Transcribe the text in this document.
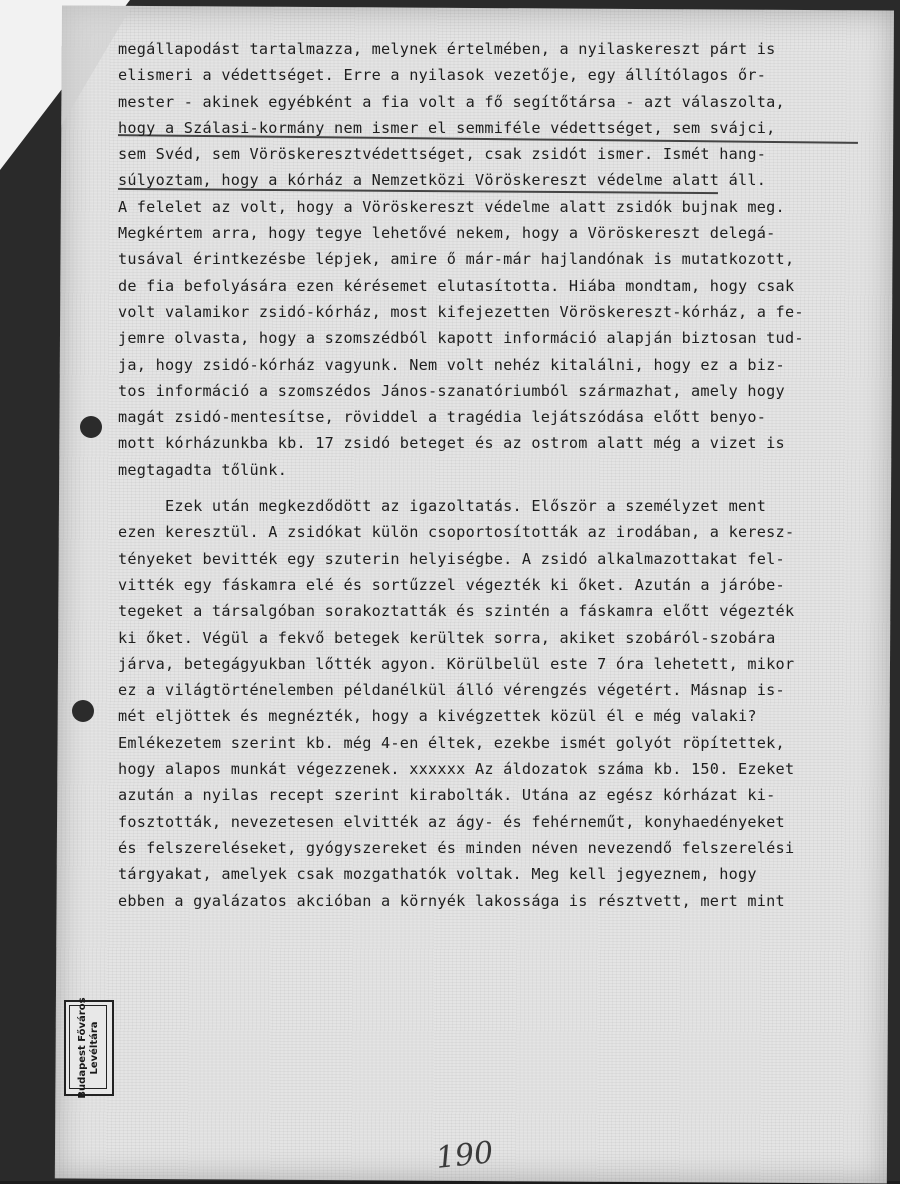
megállapodást tartalmazza, melynek értelmében, a nyilaskereszt párt is
elismeri a védettséget. Erre a nyilasok vezetője, egy állítólagos őr-
mester - akinek egyébként a fia volt a fő segítőtársa - azt válaszolta,
hogy a Szálasi-kormány nem ismer el semmiféle védettséget, sem svájci,
sem Svéd, sem Vöröskeresztvédettséget, csak zsidót ismer. Ismét hang-
súlyoztam, hogy a kórház a Nemzetközi Vöröskereszt védelme alatt áll.
A felelet az volt, hogy a Vöröskereszt védelme alatt zsidók bujnak meg.
Megkértem arra, hogy tegye lehetővé nekem, hogy a Vöröskereszt delegá-
tusával érintkezésbe lépjek, amire ő már-már hajlandónak is mutatkozott,
de fia befolyására ezen kérésemet elutasította. Hiába mondtam, hogy csak
volt valamikor zsidó-kórház, most kifejezetten Vöröskereszt-kórház, a fe-
jemre olvasta, hogy a szomszédból kapott információ alapján biztosan tud-
ja, hogy zsidó-kórház vagyunk. Nem volt nehéz kitalálni, hogy ez a biz-
tos információ a szomszédos János-szanatóriumból származhat, amely hogy
magát zsidó-mentesítse, röviddel a tragédia lejátszódása előtt benyo-
mott kórházunkba kb. 17 zsidó beteget és az ostrom alatt még a vizet is
megtagadta tőlünk.
Ezek után megkezdődött az igazoltatás. Először a személyzet ment
ezen keresztül. A zsidókat külön csoportosították az irodában, a keresz-
tényeket bevitték egy szuterin helyiségbe. A zsidó alkalmazottakat fel-
vitték egy fáskamra elé és sortűzzel végezték ki őket. Azután a járóbe-
tegeket a társalgóban sorakoztatták és szintén a fáskamra előtt végezték
ki őket. Végül a fekvő betegek kerültek sorra, akiket szobáról-szobára
járva, betegágyukban lőtték agyon. Körülbelül este 7 óra lehetett, mikor
ez a világtörténelemben példanélkül álló vérengzés végetért. Másnap is-
mét eljöttek és megnézték, hogy a kivégzettek közül él e még valaki?
Emlékezetem szerint kb. még 4-en éltek, ezekbe ismét golyót röpítettek,
hogy alapos munkát végezzenek. xxxxxx Az áldozatok száma kb. 150. Ezeket
azután a nyilas recept szerint kirabolták. Utána az egész kórházat ki-
fosztották, nevezetesen elvitték az ágy- és fehérneműt, konyhaedényeket
és felszereléseket, gyógyszereket és minden néven nevezendő felszerelési
tárgyakat, amelyek csak mozgathatók voltak. Meg kell jegyeznem, hogy
ebben a gyalázatos akcióban a környék lakossága is résztvett, mert mint
Budapest Főváros
Levéltára
190
